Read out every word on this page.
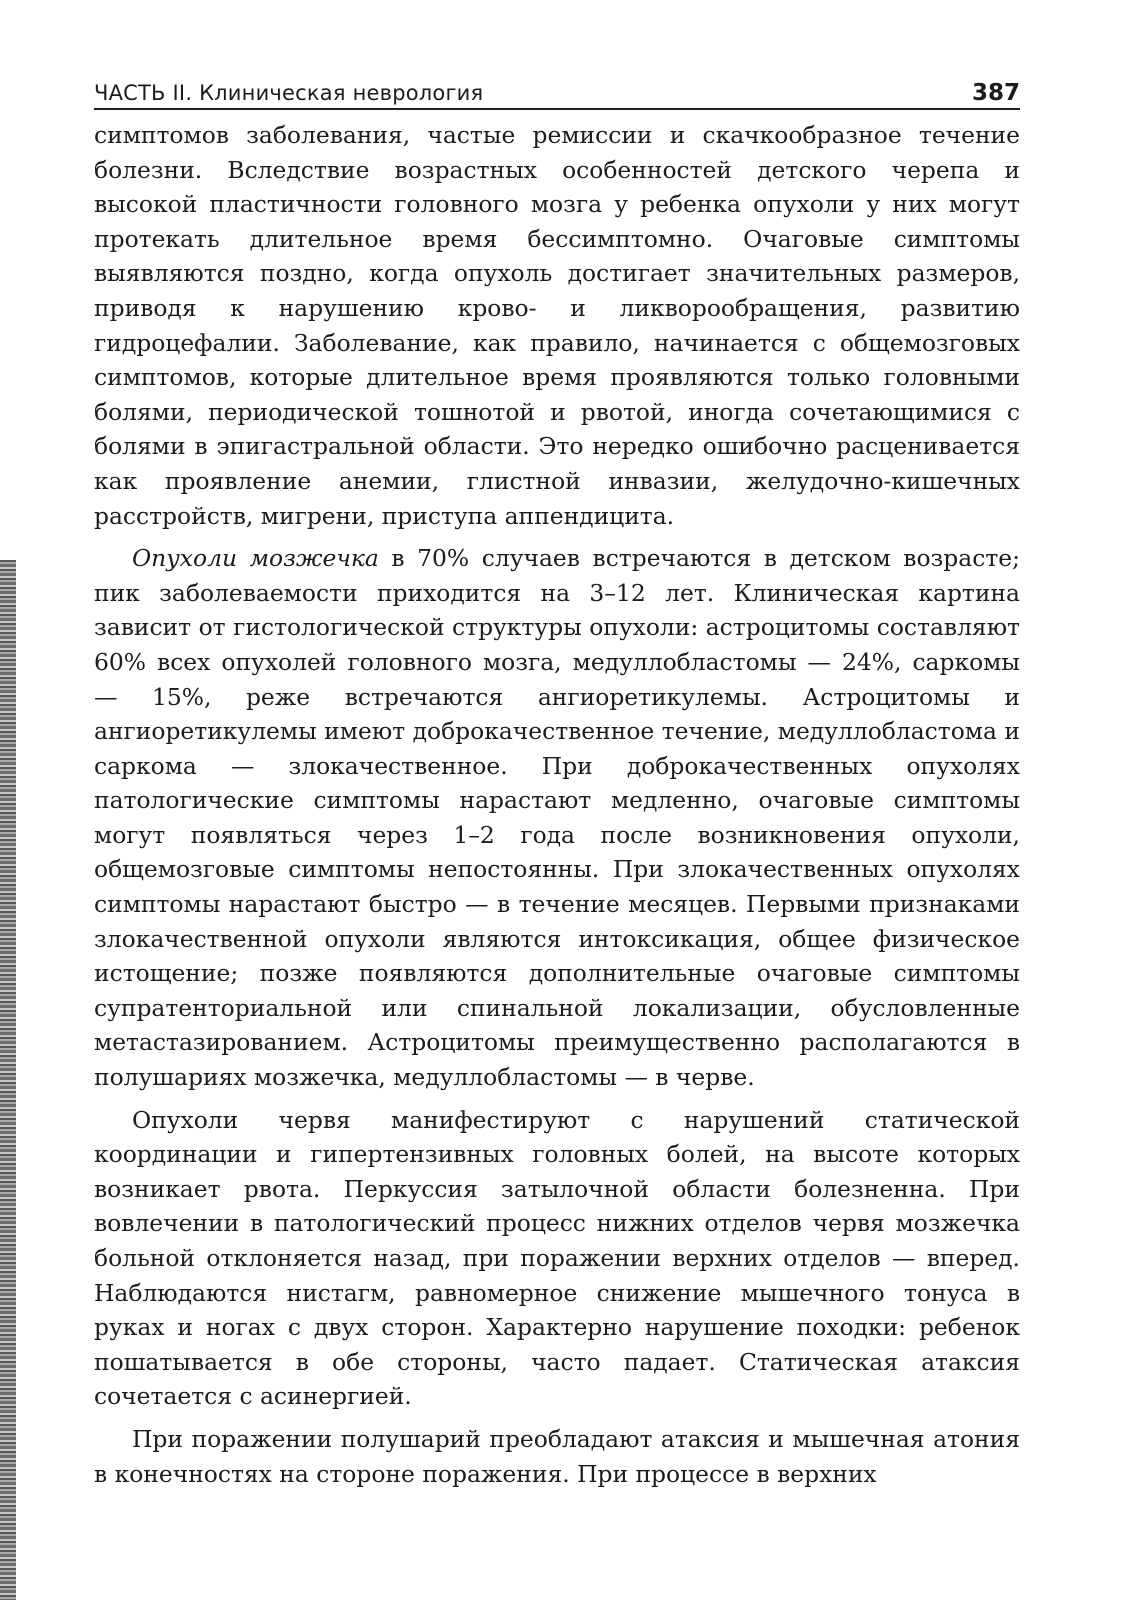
ЧАСТЬ II. Клиническая неврология	387

симптомов заболевания, частые ремиссии и скачкообразное течение болезни. Вследствие возрастных особенностей детского черепа и высокой пластичности головного мозга у ребенка опухоли у них могут протекать длительное время бессимптомно. Очаговые симптомы выявляются поздно, когда опухоль достигает значительных размеров, приводя к нарушению крово- и ликворообращения, развитию гидроцефалии. Заболевание, как правило, начинается с общемозговых симптомов, которые длительное время проявляются только головными болями, периодической тошнотой и рвотой, иногда сочетающимися с болями в эпигастральной области. Это нередко ошибочно расценивается как проявление анемии, глистной инвазии, желудочно-кишечных расстройств, мигрени, приступа аппендицита.

Опухоли мозжечка в 70% случаев встречаются в детском возрасте; пик заболеваемости приходится на 3–12 лет. Клиническая картина зависит от гистологической структуры опухоли: астроцитомы составляют 60% всех опухолей головного мозга, медуллобластомы — 24%, саркомы — 15%, реже встречаются ангиоретикулемы. Астроцитомы и ангиоретикулемы имеют доброкачественное течение, медуллобластома и саркома — злокачественное. При доброкачественных опухолях патологические симптомы нарастают медленно, очаговые симптомы могут появляться через 1–2 года после возникновения опухоли, общемозговые симптомы непостоянны. При злокачественных опухолях симптомы нарастают быстро — в течение месяцев. Первыми признаками злокачественной опухоли являются интоксикация, общее физическое истощение; позже появляются дополнительные очаговые симптомы супратенториальной или спинальной локализации, обусловленные метастазированием. Астроцитомы преимущественно располагаются в полушариях мозжечка, медуллобластомы — в черве.

Опухоли червя манифестируют с нарушений статической координации и гипертензивных головных болей, на высоте которых возникает рвота. Перкуссия затылочной области болезненна. При вовлечении в патологический процесс нижних отделов червя мозжечка больной отклоняется назад, при поражении верхних отделов — вперед. Наблюдаются нистагм, равномерное снижение мышечного тонуса в руках и ногах с двух сторон. Характерно нарушение походки: ребенок пошатывается в обе стороны, часто падает. Статическая атаксия сочетается с асинергией.

При поражении полушарий преобладают атаксия и мышечная атония в конечностях на стороне поражения. При процессе в верхних
